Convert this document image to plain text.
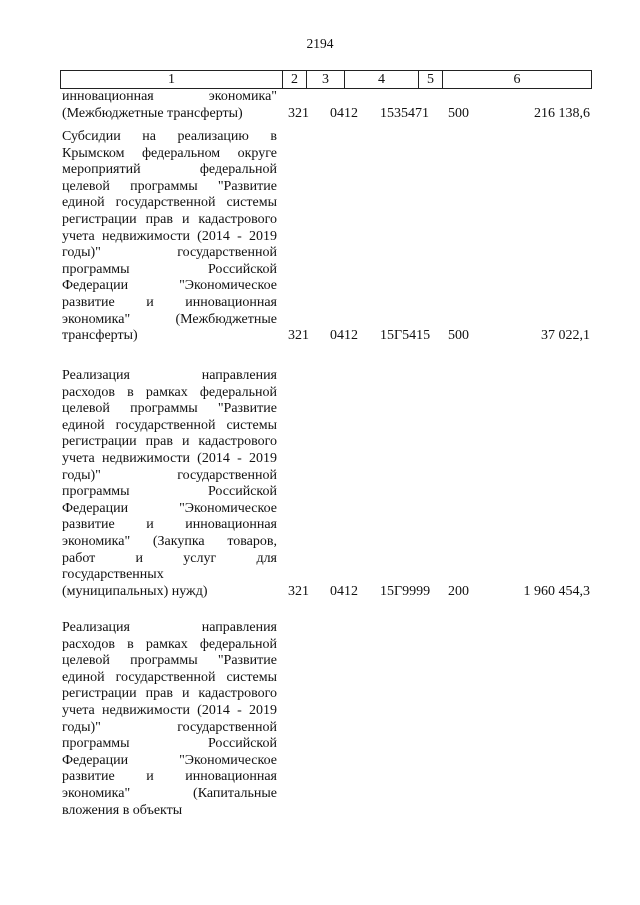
2194
1	2	3	4	5	6
инновационная экономика"
(Межбюджетные трансферты)	321 0412 1535471 500	216 138,6
Субсидии на реализацию в
Крымском федеральном округе
мероприятий федеральной
целевой программы "Развитие
единой государственной системы
регистрации прав и кадастрового
учета недвижимости (2014 - 2019
годы)" государственной
программы Российской
Федерации "Экономическое
развитие и инновационная
экономика" (Межбюджетные
трансферты)	321 0412 15Г5415 500	37 022,1
Реализация направления
расходов в рамках федеральной
целевой программы "Развитие
единой государственной системы
регистрации прав и кадастрового
учета недвижимости (2014 - 2019
годы)" государственной
программы Российской
Федерации "Экономическое
развитие и инновационная
экономика" (Закупка товаров,
работ и услуг для
государственных
(муниципальных) нужд)	321 0412 15Г9999 200	1 960 454,3
Реализация направления
расходов в рамках федеральной
целевой программы "Развитие
единой государственной системы
регистрации прав и кадастрового
учета недвижимости (2014 - 2019
годы)" государственной
программы Российской
Федерации "Экономическое
развитие и инновационная
экономика" (Капитальные
вложения в объекты
